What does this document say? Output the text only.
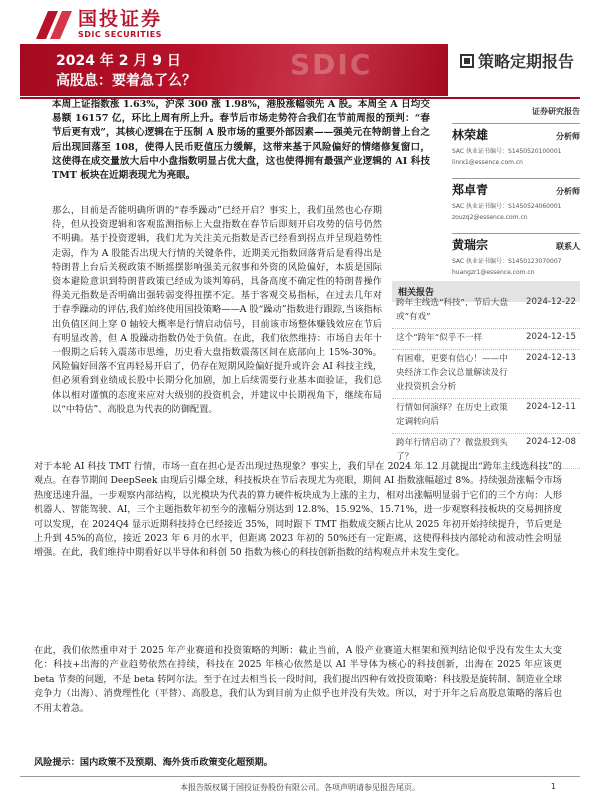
国投证券
SDIC SECURITIES
SDIC
2024 年 2 月 9 日
高股息：要着急了么？
策略定期报告
本周上证指数涨 1.63%，沪深 300 涨 1.98%，港股涨幅领先 A 股。本周全 A 日均交易额 16157 亿，环比上周有所上升。春节后市场走势符合我们在节前周报的预判：“春节后更有戏”，其核心逻辑在于压制 A 股市场的重要外部因素——强美元在特朗普上台之后出现回落至 108，使得人民币贬值压力缓解，这带来基于风险偏好的情绪修复窗口，这使得在成交量放大后中小盘指数明显占优大盘，这也使得拥有最强产业逻辑的 AI 科技 TMT 板块在近期表现尤为亮眼。
证券研究报告
林荣雄	分析师
SAC 执业证书编号：S1450520100001
linrx1@essence.com.cn
郑卓青	分析师
SAC 执业证书编号：S1450524060001
zouzq2@essence.com.cn
黄瑞宗	联系人
SAC 执业证书编号：S1450123070007
huangzr1@essence.com.cn
那么，目前是否能明确所谓的“春季躁动”已经开启？事实上，我们虽然也心存期待，但从投资逻辑和客观监测指标上大盘指数在春节后即刻开启攻势的信号仍然不明确。基于投资逻辑，我们尤为关注美元指数是否已经看到拐点并呈现趋势性走弱，作为 A 股能否出现大行情的关键条件，近期美元指数回落背后是看得出是特朗普上台后关税政策不断摇摆影响强美元叙事和外资的风险偏好，本质是国际资本避险意识到特朗普政策已经成为谈判筹码，具备高度不确定性的特朗普操作得美元指数是否明确出强转弱变得扭摆不定。基于客观交易指标，在过去几年对于春季躁动的评估,我们始终使用国投策略——A 股“躁动”指数进行跟踪,当该指标出负值区间上穿 0 轴较大概率是行情启动信号，目前该市场整体赚钱效应在节后有明显改善，但 A 股躁动指数仍处于负值。在此，我们依然维持：市场自去年十一假期之后转入震荡市思维，历史看大盘指数震荡区间在底部向上 15%-30%。风险偏好回落不宜再轻易开启了，仍存在短期风险偏好提升或许会 AI 科技主线，但必须看到业绩成长股中长期分化加剧，加上后续需要行业基本面验证，我们总体以相对谨慎的态度来应对大级别的投资机会，并建议中长期视角下，继续布局以“中特估”、高股息为代表的防御配置。
相关报告
跨年主线选“科技”，节后大盘或“有戏”
2024-12-22
这个“跨年”似乎不一样	2024-12-15
有困难，更要有信心！——中央经济工作会议总量解读及行业投资机会分析
2024-12-13
行情如何演绎？在历史上政策定调转向后
2024-12-11
跨年行情启动了？微盘股到头了？
2024-12-08
对于本轮 AI 科技 TMT 行情，市场一直在担心是否出现过热现象？事实上，我们早在 2024 年 12 月就提出“跨年主线选科技”的观点。在春节期间 DeepSeek 由现后引爆全球，科技板块在节后表现尤为亮眼，期间 AI 指数涨幅超过 8%。持续强劲涨幅令市场热度迅速升温，一步观察内部结构，以光模块为代表的算力硬件板块成为上涨的主力，相对出涨幅明显弱于它们的三个方向：人形机器人、智能驾驶、AI，三个主题指数年初至今的涨幅分别达到 12.8%、15.92%、15.71%，进一步观察科技板块的交易拥挤度可以发现，在 2024Q4 显示近期科技持仓已经接近 35%，同时跟下 TMT 指数成交额占比从 2025 年初开始持续提升，节后更是上升到 45%的高位，接近 2023 年 6 月的水平，但距离 2023 年初的 50%还有一定距离，这使得科技内部轮动和波动性会明显增强。在此，我们维持中期看好以半导体和科创 50 指数为核心的科技创新指数的结构观点并未发生变化。
在此，我们依然重申对于 2025 年产业赛道和投资策略的判断：截止当前，A 股产业赛道大框架和预判结论似乎没有发生太大变化：科技+出海的产业趋势依然在持续，科技在 2025 年核心依然是以 AI 半导体为核心的科技创新，出海在 2025 年应该更 beta 节奏的问题，不是 beta 转阿尔法。至于在过去相当长一段时间，我们提出四种有效投资策略：科技股是旋转制、制造业全球竞争力（出海）、消费理性化（平替）、高股息，我们认为到目前为止似乎也并没有失效。所以，对于开年之后高股息策略的落后也不用太着急。
风险提示：国内政策不及预期、海外货币政策变化超预期。
本报告版权属于国投证券股份有限公司。各项声明请参见报告尾页。	1
